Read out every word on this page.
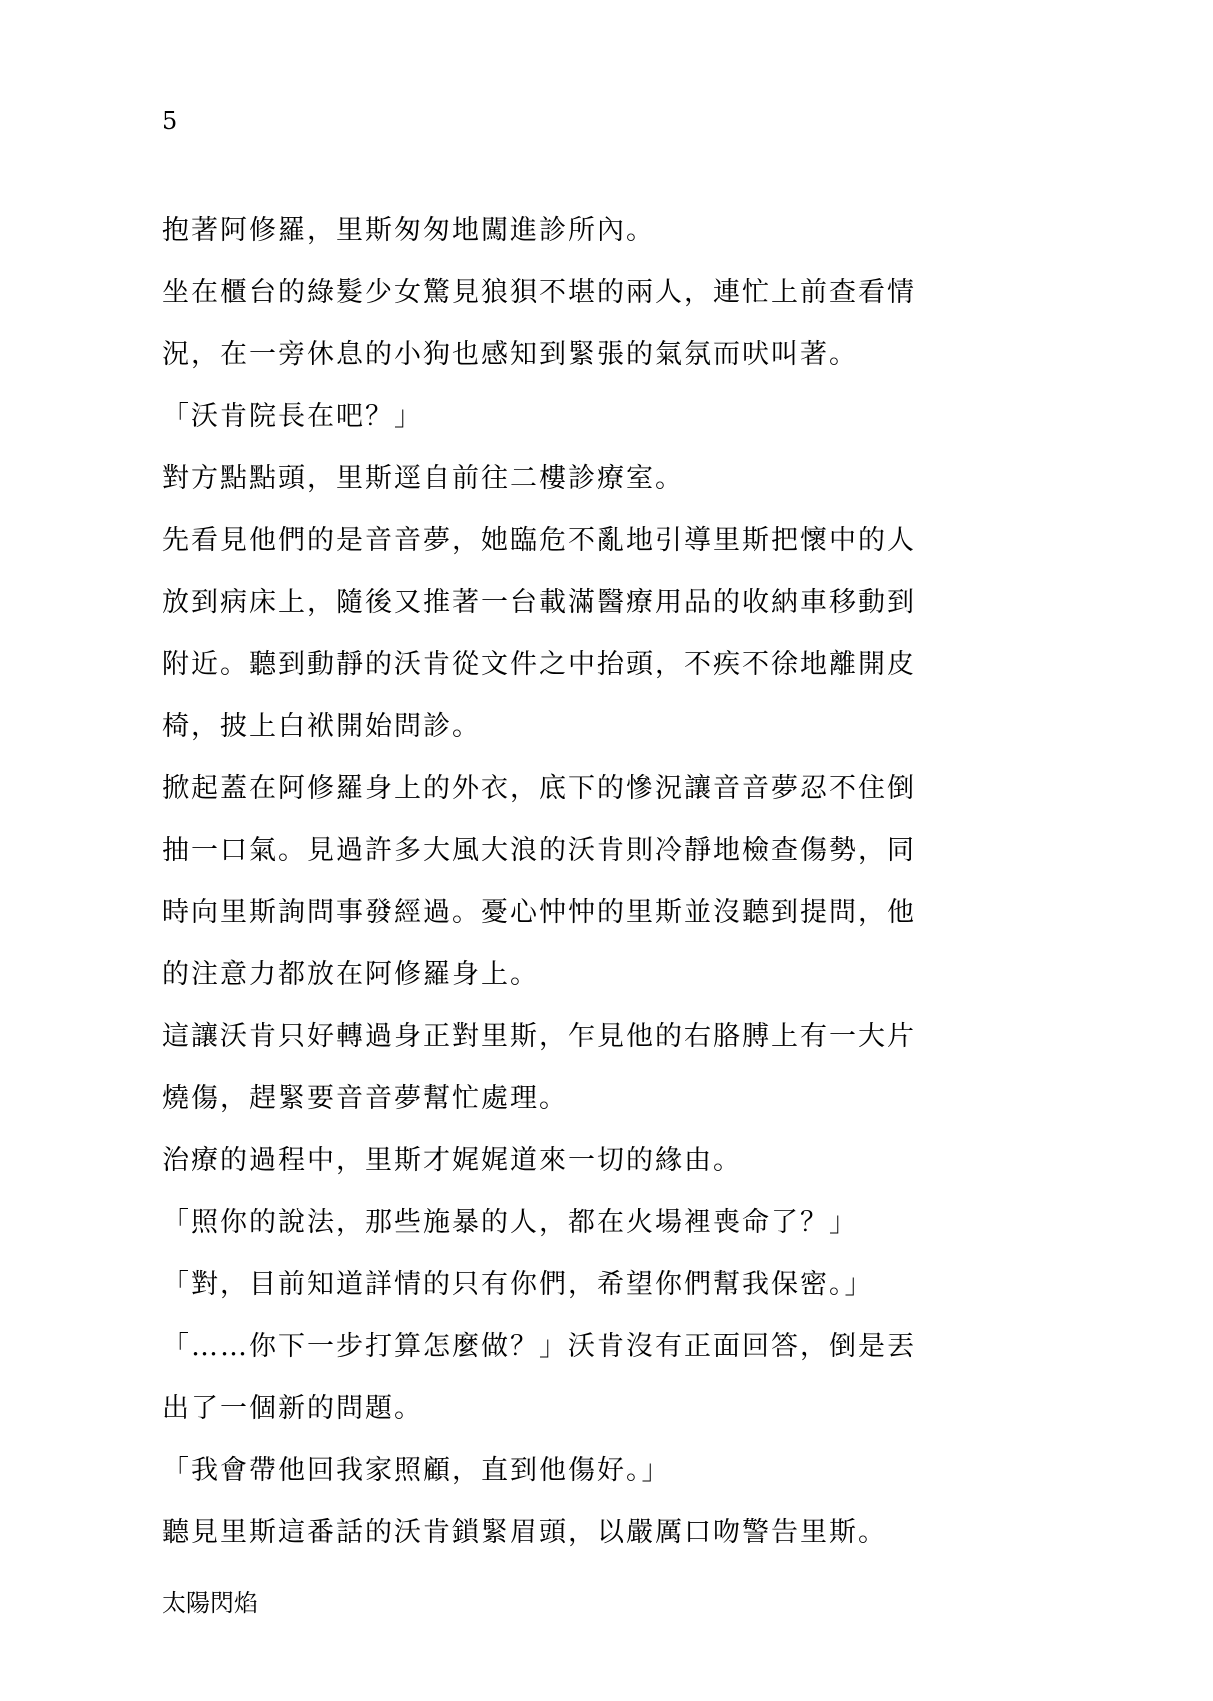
5

抱著阿修羅，里斯匆匆地闖進診所內。

坐在櫃台的綠髮少女驚見狼狽不堪的兩人，連忙上前查看情

況，在一旁休息的小狗也感知到緊張的氣氛而吠叫著。

「沃肯院長在吧？」

對方點點頭，里斯逕自前往二樓診療室。

先看見他們的是音音夢，她臨危不亂地引導里斯把懷中的人

放到病床上，隨後又推著一台載滿醫療用品的收納車移動到

附近。聽到動靜的沃肯從文件之中抬頭，不疾不徐地離開皮

椅，披上白袱開始問診。

掀起蓋在阿修羅身上的外衣，底下的慘況讓音音夢忍不住倒

抽一口氣。見過許多大風大浪的沃肯則冷靜地檢查傷勢，同

時向里斯詢問事發經過。憂心忡忡的里斯並沒聽到提問，他

的注意力都放在阿修羅身上。

這讓沃肯只好轉過身正對里斯，乍見他的右胳膊上有一大片

燒傷，趕緊要音音夢幫忙處理。

治療的過程中，里斯才娓娓道來一切的緣由。

「照你的說法，那些施暴的人，都在火場裡喪命了？」

「對，目前知道詳情的只有你們，希望你們幫我保密。」

「……你下一步打算怎麼做？」沃肯沒有正面回答，倒是丟

出了一個新的問題。

「我會帶他回我家照顧，直到他傷好。」

聽見里斯這番話的沃肯鎖緊眉頭，以嚴厲口吻警告里斯。

太陽閃焰
